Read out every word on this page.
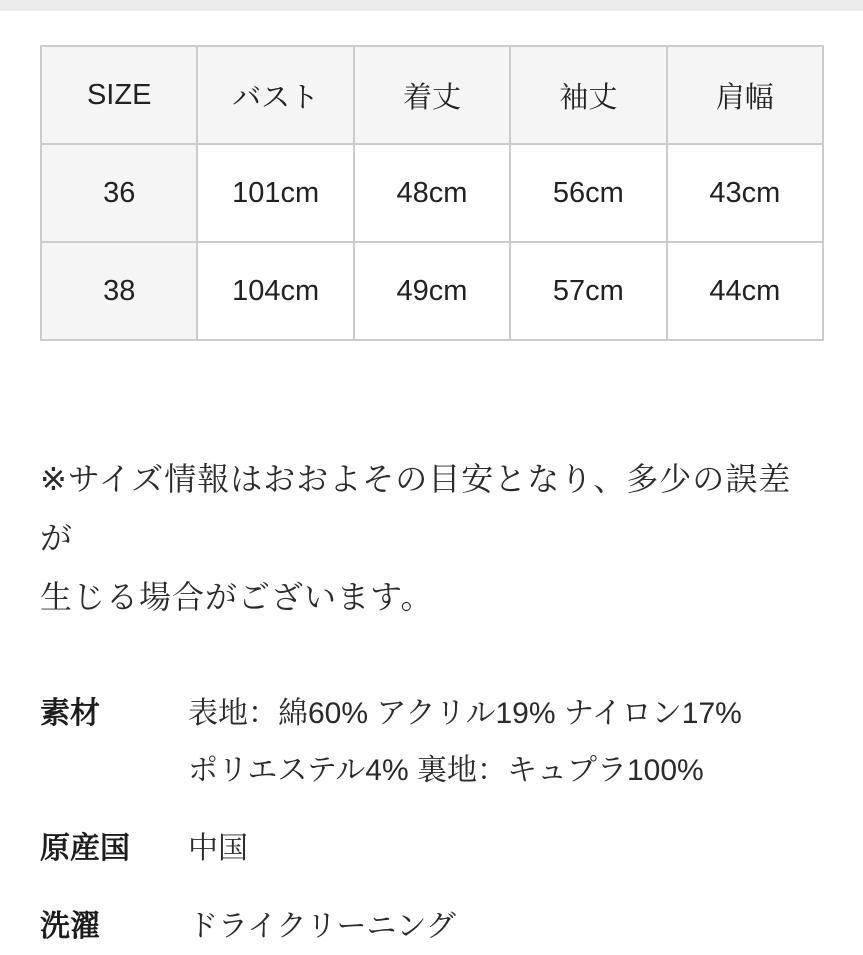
SIZE	バスト	着丈	袖丈	肩幅
36	101cm	48cm	56cm	43cm
38	104cm	49cm	57cm	44cm

※サイズ情報はおおよその目安となり、多少の誤差が
生じる場合がございます。

素材	表地：綿60% アクリル19% ナイロン17%
ポリエステル4% 裏地：キュプラ100%
原産国	中国
洗濯	ドライクリーニング
